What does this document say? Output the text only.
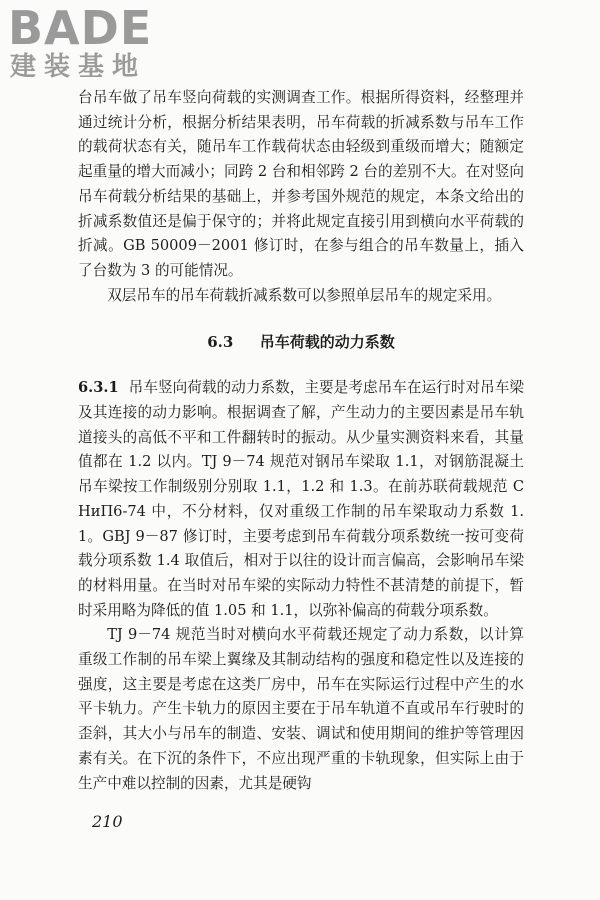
BADE
建装基地

台吊车做了吊车竖向荷载的实测调查工作。根据所得资料，经整理并通过统计分析，根据分析结果表明，吊车荷载的折减系数与吊车工作的载荷状态有关，随吊车工作载荷状态由轻级到重级而增大；随额定起重量的增大而减小；同跨 2 台和相邻跨 2 台的差别不大。在对竖向吊车荷载分析结果的基础上，并参考国外规范的规定，本条文给出的折减系数值还是偏于保守的；并将此规定直接引用到横向水平荷载的折减。GB 50009－2001 修订时，在参与组合的吊车数量上，插入了台数为 3 的可能情况。

双层吊车的吊车荷载折减系数可以参照单层吊车的规定采用。

6.3 吊车荷载的动力系数

6.3.1 吊车竖向荷载的动力系数，主要是考虑吊车在运行时对吊车梁及其连接的动力影响。根据调查了解，产生动力的主要因素是吊车轨道接头的高低不平和工件翻转时的振动。从少量实测资料来看，其量值都在 1.2 以内。TJ 9－74 规范对钢吊车梁取 1.1，对钢筋混凝土吊车梁按工作制级别分别取 1.1，1.2 和 1.3。在前苏联荷载规范 СНиП6-74 中，不分材料，仅对重级工作制的吊车梁取动力系数 1.1。GBJ 9－87 修订时，主要考虑到吊车荷载分项系数统一按可变荷载分项系数 1.4 取值后，相对于以往的设计而言偏高，会影响吊车梁的材料用量。在当时对吊车梁的实际动力特性不甚清楚的前提下，暂时采用略为降低的值 1.05 和 1.1，以弥补偏高的荷载分项系数。

TJ 9－74 规范当时对横向水平荷载还规定了动力系数，以计算重级工作制的吊车梁上翼缘及其制动结构的强度和稳定性以及连接的强度，这主要是考虑在这类厂房中，吊车在实际运行过程中产生的水平卡轨力。产生卡轨力的原因主要在于吊车轨道不直或吊车行驶时的歪斜，其大小与吊车的制造、安装、调试和使用期间的维护等管理因素有关。在下沉的条件下，不应出现严重的卡轨现象，但实际上由于生产中难以控制的因素，尤其是硬钩

210
